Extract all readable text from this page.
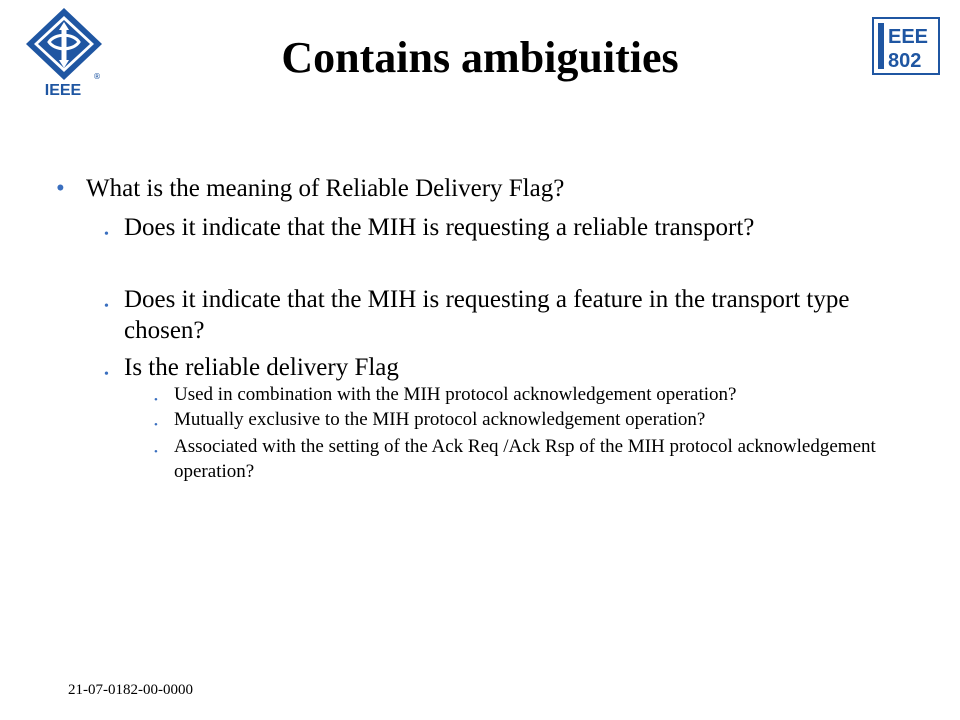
IEEE
®
EEE
802
Contains ambiguities
• What is the meaning of Reliable Delivery Flag?
• Does it indicate that the MIH is requesting a reliable transport?
• Does it indicate that the MIH is requesting a feature in the transport type chosen?
• Is the reliable delivery Flag
• Used in combination with the MIH protocol acknowledgement operation?
• Mutually exclusive to the MIH protocol acknowledgement operation?
• Associated with the setting of the Ack Req /Ack Rsp of the MIH protocol acknowledgement operation?
21-07-0182-00-0000
